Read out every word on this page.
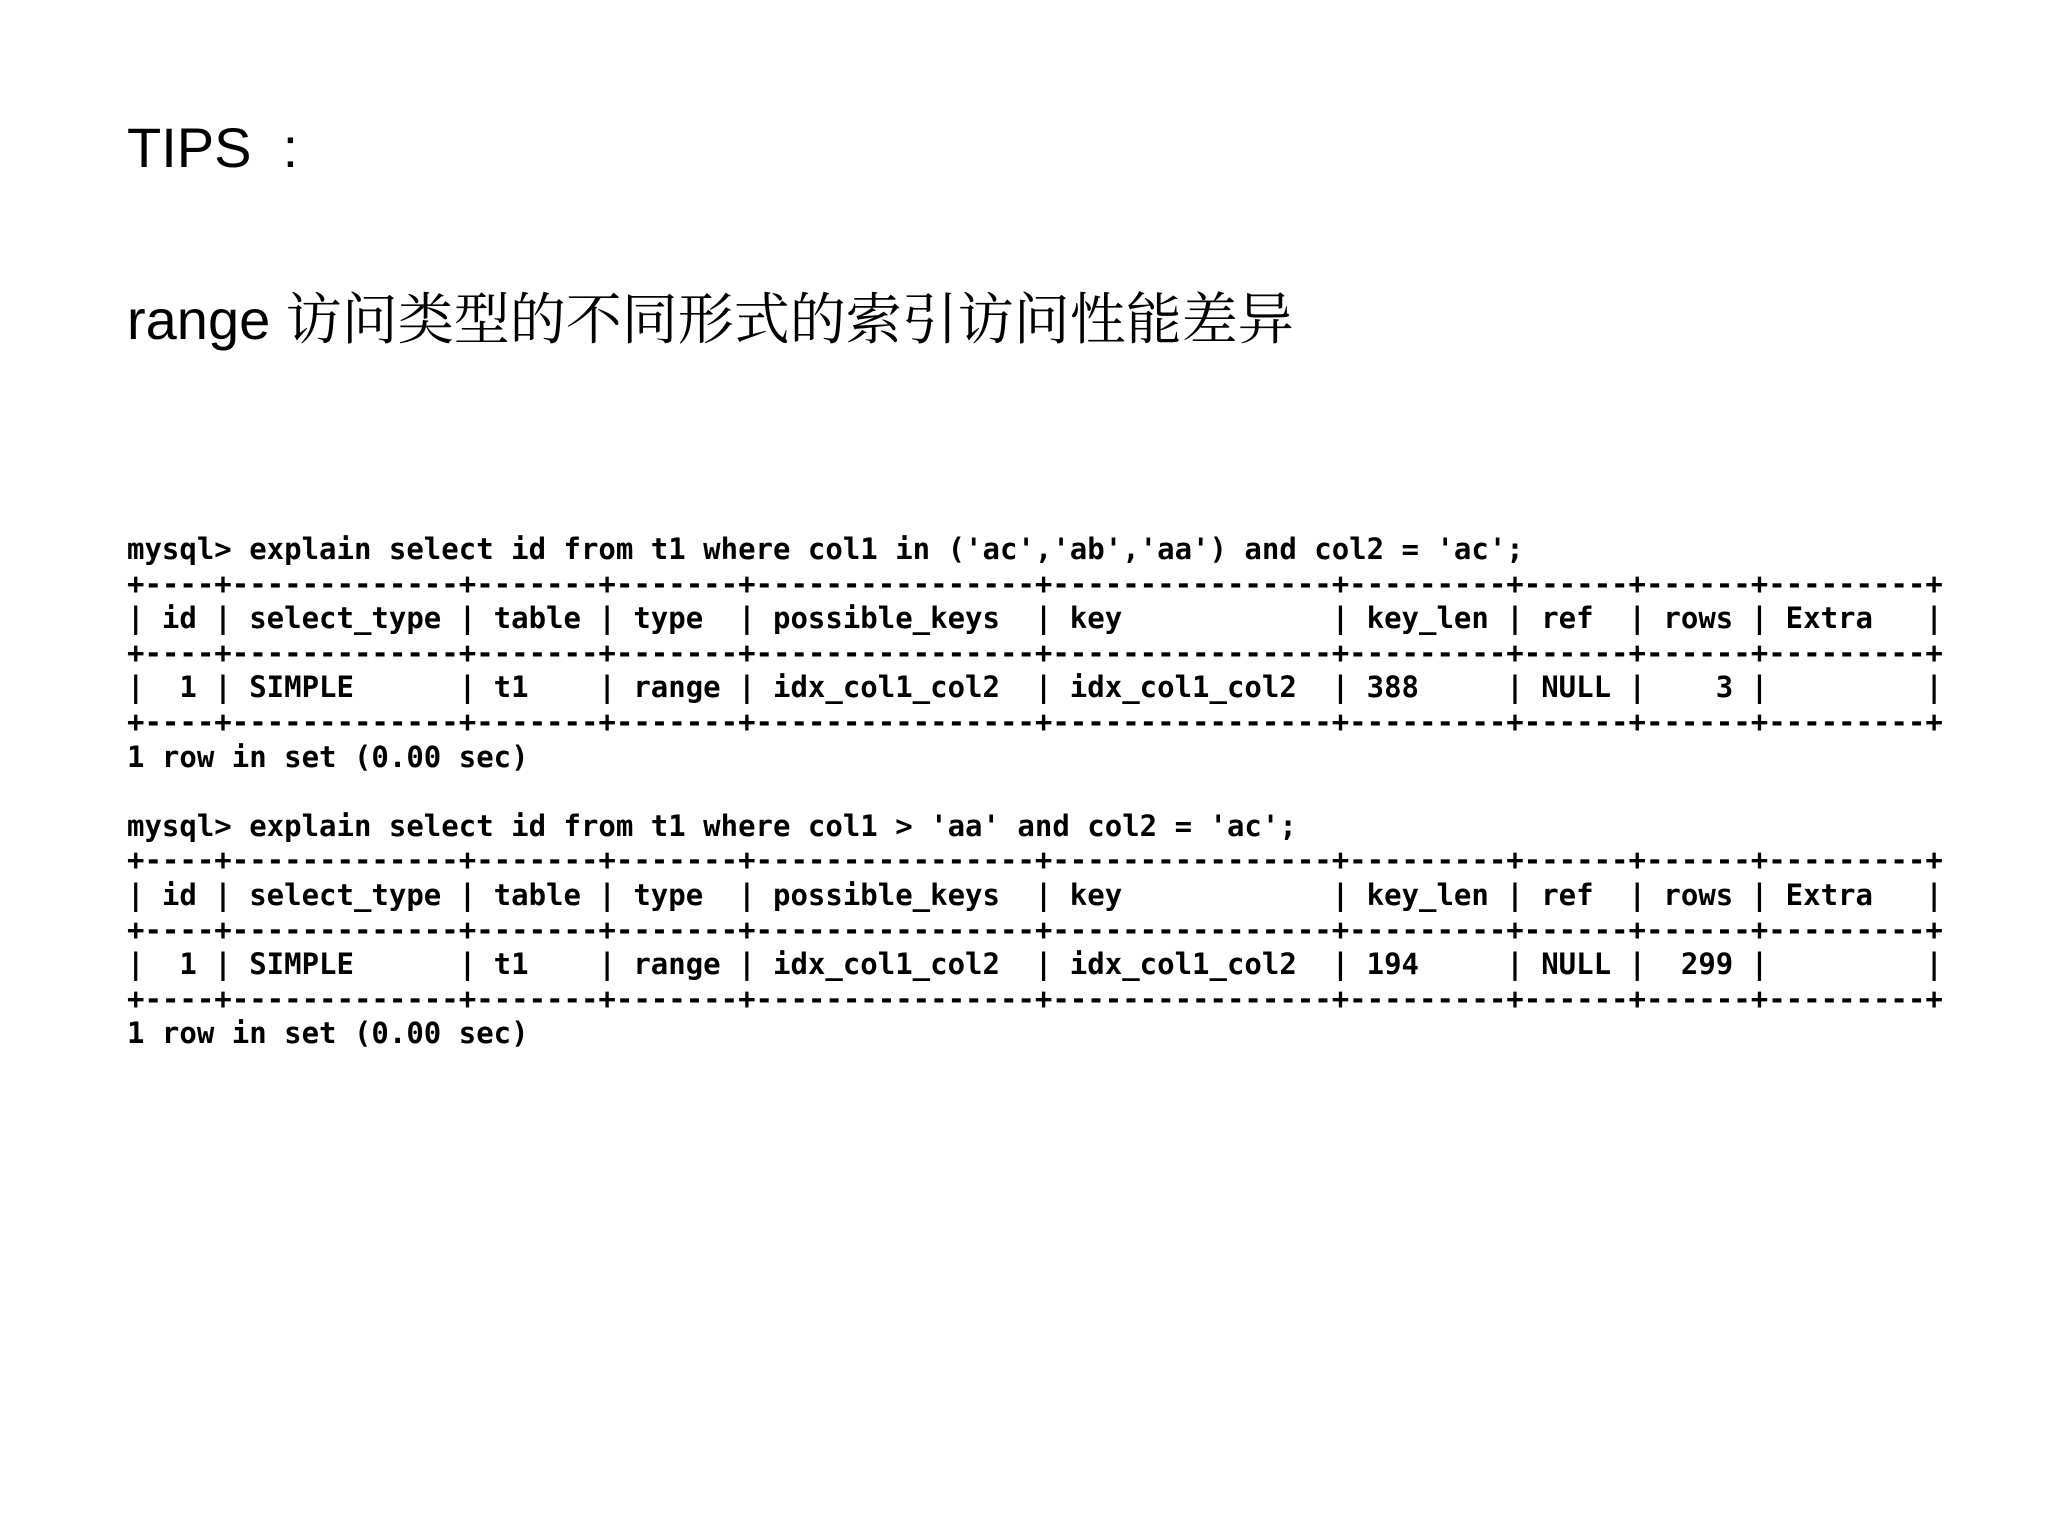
TIPS  :
range 访问类型的不同形式的索引访问性能差异
mysql> explain select id from t1 where col1 in ('ac','ab','aa') and col2 = 'ac';
+----+-------------+-------+-------+----------------+----------------+---------+------+------+---------+
| id | select_type | table | type  | possible_keys  | key            | key_len | ref  | rows | Extra   |
+----+-------------+-------+-------+----------------+----------------+---------+------+------+---------+
|  1 | SIMPLE      | t1    | range | idx_col1_col2  | idx_col1_col2  | 388     | NULL |    3 |         |
+----+-------------+-------+-------+----------------+----------------+---------+------+------+---------+
1 row in set (0.00 sec)
mysql> explain select id from t1 where col1 > 'aa' and col2 = 'ac';
+----+-------------+-------+-------+----------------+----------------+---------+------+------+---------+
| id | select_type | table | type  | possible_keys  | key            | key_len | ref  | rows | Extra   |
+----+-------------+-------+-------+----------------+----------------+---------+------+------+---------+
|  1 | SIMPLE      | t1    | range | idx_col1_col2  | idx_col1_col2  | 194     | NULL |  299 |         |
+----+-------------+-------+-------+----------------+----------------+---------+------+------+---------+
1 row in set (0.00 sec)
